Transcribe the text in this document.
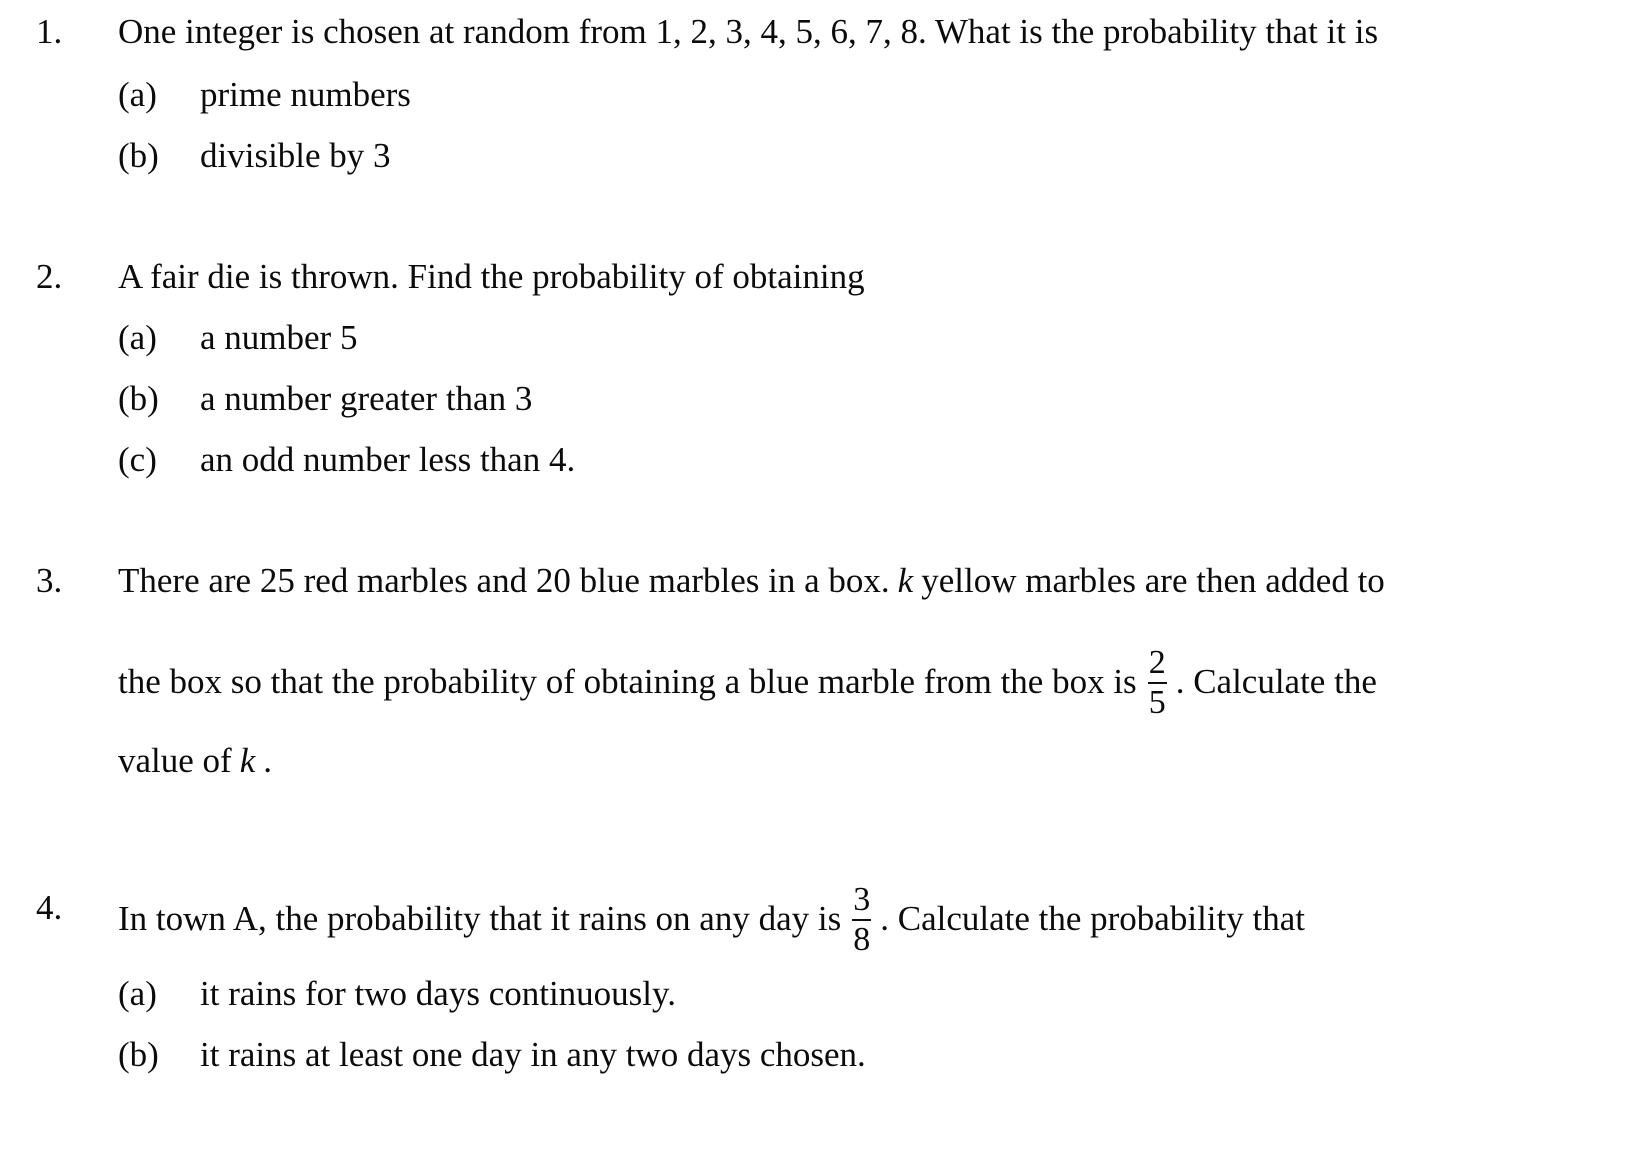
1. One integer is chosen at random from 1, 2, 3, 4, 5, 6, 7, 8. What is the probability that it is
(a) prime numbers
(b) divisible by 3
2. A fair die is thrown. Find the probability of obtaining
(a) a number 5
(b) a number greater than 3
(c) an odd number less than 4.
3. There are 25 red marbles and 20 blue marbles in a box. k yellow marbles are then added to
the box so that the probability of obtaining a blue marble from the box is $\frac{2}{5}$ . Calculate the
value of k .
4. In town A, the probability that it rains on any day is $\frac{3}{8}$ . Calculate the probability that
(a) it rains for two days continuously.
(b) it rains at least one day in any two days chosen.
